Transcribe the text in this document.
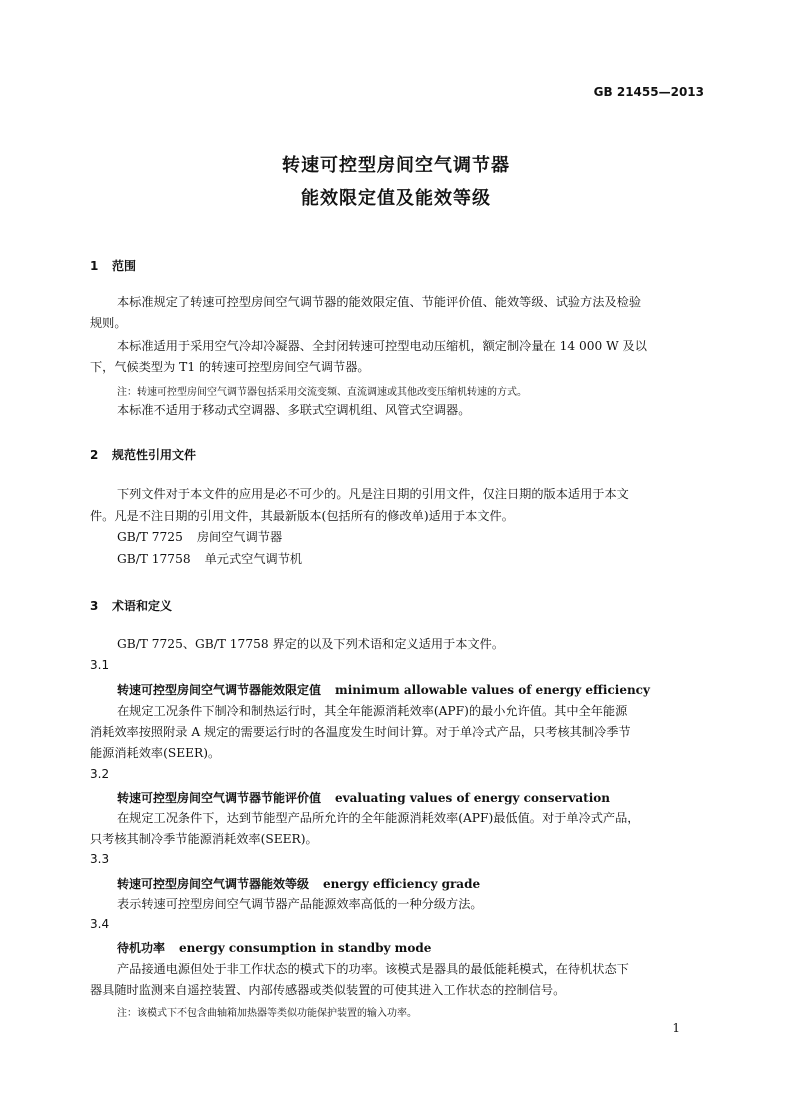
GB 21455—2013
转速可控型房间空气调节器
能效限定值及能效等级
1 范围
本标准规定了转速可控型房间空气调节器的能效限定值、节能评价值、能效等级、试验方法及检验
规则。
本标准适用于采用空气冷却冷凝器、全封闭转速可控型电动压缩机，额定制冷量在 14 000 W 及以
下，气候类型为 T1 的转速可控型房间空气调节器。
注：转速可控型房间空气调节器包括采用交流变频、直流调速或其他改变压缩机转速的方式。
本标准不适用于移动式空调器、多联式空调机组、风管式空调器。
2 规范性引用文件
下列文件对于本文件的应用是必不可少的。凡是注日期的引用文件，仅注日期的版本适用于本文
件。凡是不注日期的引用文件，其最新版本(包括所有的修改单)适用于本文件。
GB/T 7725 房间空气调节器
GB/T 17758 单元式空气调节机
3 术语和定义
GB/T 7725、GB/T 17758 界定的以及下列术语和定义适用于本文件。
3.1
转速可控型房间空气调节器能效限定值 minimum allowable values of energy efficiency
在规定工况条件下制冷和制热运行时，其全年能源消耗效率(APF)的最小允许值。其中全年能源
消耗效率按照附录 A 规定的需要运行时的各温度发生时间计算。对于单冷式产品，只考核其制冷季节
能源消耗效率(SEER)。
3.2
转速可控型房间空气调节器节能评价值 evaluating values of energy conservation
在规定工况条件下，达到节能型产品所允许的全年能源消耗效率(APF)最低值。对于单冷式产品，
只考核其制冷季节能源消耗效率(SEER)。
3.3
转速可控型房间空气调节器能效等级 energy efficiency grade
表示转速可控型房间空气调节器产品能源效率高低的一种分级方法。
3.4
待机功率 energy consumption in standby mode
产品接通电源但处于非工作状态的模式下的功率。该模式是器具的最低能耗模式，在待机状态下
器具随时监测来自遥控装置、内部传感器或类似装置的可使其进入工作状态的控制信号。
注：该模式下不包含曲轴箱加热器等类似功能保护装置的输入功率。
1
